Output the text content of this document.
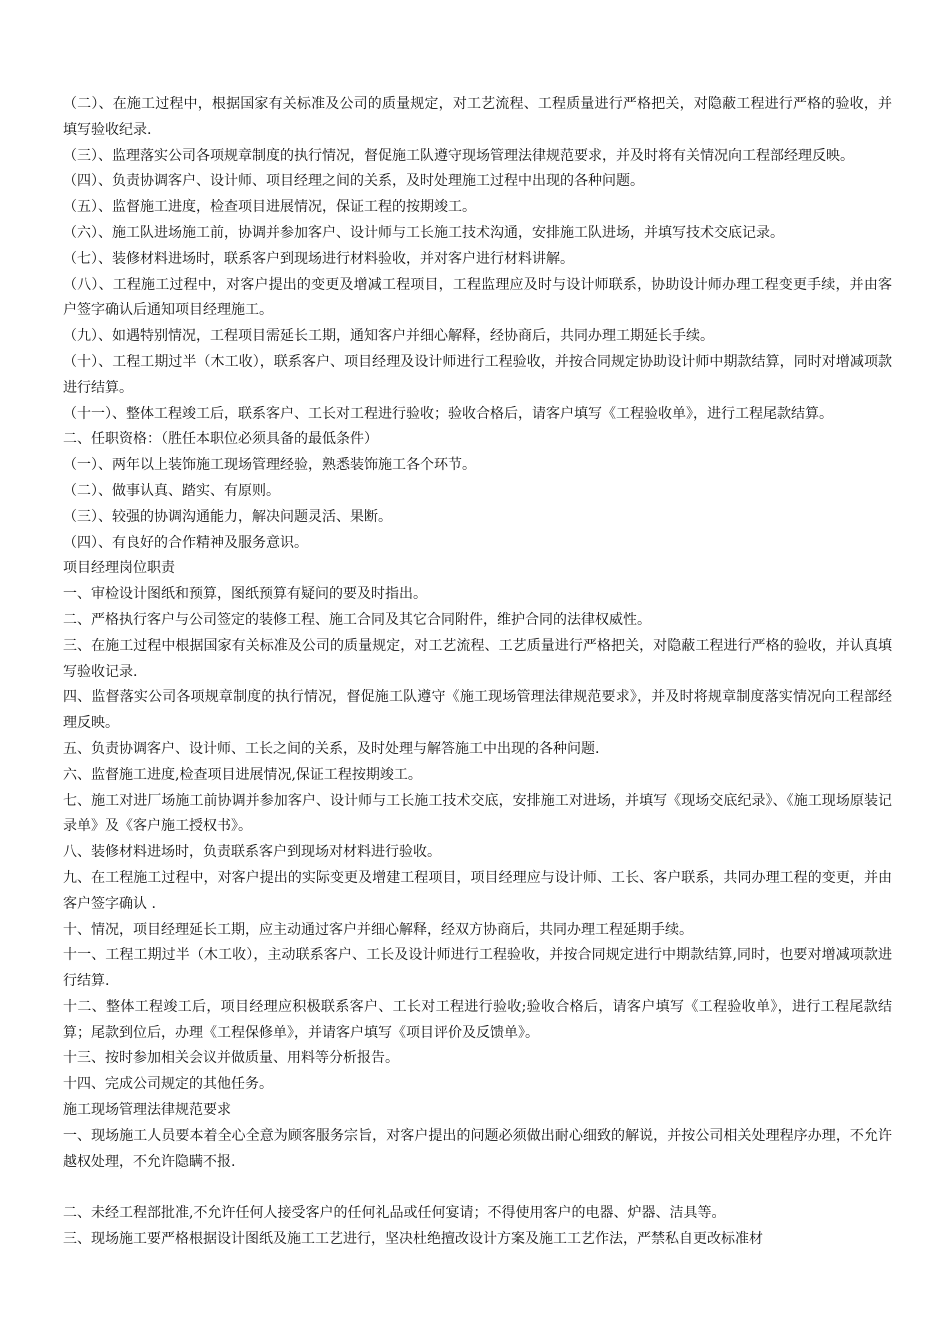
（二）、在施工过程中，根据国家有关标准及公司的质量规定，对工艺流程、工程质量进行严格把关，对隐蔽工程进行严格的验收，并填写验收纪录.

（三）、监理落实公司各项规章制度的执行情况，督促施工队遵守现场管理法律规范要求，并及时将有关情况向工程部经理反映。

（四）、负责协调客户、设计师、项目经理之间的关系，及时处理施工过程中出现的各种问题。

（五）、监督施工进度，检查项目进展情况，保证工程的按期竣工。

（六）、施工队进场施工前，协调并参加客户、设计师与工长施工技术沟通，安排施工队进场，并填写技术交底记录。

（七）、装修材料进场时，联系客户到现场进行材料验收，并对客户进行材料讲解。

（八）、工程施工过程中，对客户提出的变更及增减工程项目，工程监理应及时与设计师联系，协助设计师办理工程变更手续，并由客户签字确认后通知项目经理施工。

（九）、如遇特别情况，工程项目需延长工期，通知客户并细心解释，经协商后，共同办理工期延长手续。

（十）、工程工期过半（木工收），联系客户、项目经理及设计师进行工程验收，并按合同规定协助设计师中期款结算，同时对增减项款进行结算。

（十一）、整体工程竣工后，联系客户、工长对工程进行验收；验收合格后，请客户填写《工程验收单》，进行工程尾款结算。

二、任职资格：（胜任本职位必须具备的最低条件）

（一）、两年以上装饰施工现场管理经验，熟悉装饰施工各个环节。

（二）、做事认真、踏实、有原则。

（三）、较强的协调沟通能力，解决问题灵活、果断。

（四）、有良好的合作精神及服务意识。

项目经理岗位职责

一、审检设计图纸和预算，图纸预算有疑问的要及时指出。

二、严格执行客户与公司签定的装修工程、施工合同及其它合同附件，维护合同的法律权威性。

三、在施工过程中根据国家有关标准及公司的质量规定，对工艺流程、工艺质量进行严格把关，对隐蔽工程进行严格的验收，并认真填写验收记录.

四、监督落实公司各项规章制度的执行情况，督促施工队遵守《施工现场管理法律规范要求》，并及时将规章制度落实情况向工程部经理反映。

五、负责协调客户、设计师、工长之间的关系，及时处理与解答施工中出现的各种问题.

六、监督施工进度,检查项目进展情况,保证工程按期竣工。

七、施工对进厂场施工前协调并参加客户、设计师与工长施工技术交底，安排施工对进场，并填写《现场交底纪录》、《施工现场原装记录单》及《客户施工授权书》。

八、装修材料进场时，负责联系客户到现场对材料进行验收。

九、在工程施工过程中，对客户提出的实际变更及增建工程项目，项目经理应与设计师、工长、客户联系，共同办理工程的变更，并由客户签字确认 .

十、情况，项目经理延长工期，应主动通过客户并细心解释，经双方协商后，共同办理工程延期手续。

十一、工程工期过半（木工收），主动联系客户、工长及设计师进行工程验收，并按合同规定进行中期款结算,同时，也要对增减项款进行结算.

十二、整体工程竣工后，项目经理应积极联系客户、工长对工程进行验收;验收合格后，请客户填写《工程验收单》，进行工程尾款结算；尾款到位后，办理《工程保修单》，并请客户填写《项目评价及反馈单》。

十三、按时参加相关会议并做质量、用料等分析报告。

十四、完成公司规定的其他任务。

施工现场管理法律规范要求

一、现场施工人员要本着全心全意为顾客服务宗旨，对客户提出的问题必须做出耐心细致的解说，并按公司相关处理程序办理，不允许越权处理，不允许隐瞒不报.

二、未经工程部批准,不允许任何人接受客户的任何礼品或任何宴请；不得使用客户的电器、炉器、洁具等。

三、现场施工要严格根据设计图纸及施工工艺进行，坚决杜绝擅改设计方案及施工工艺作法，严禁私自更改标准材
